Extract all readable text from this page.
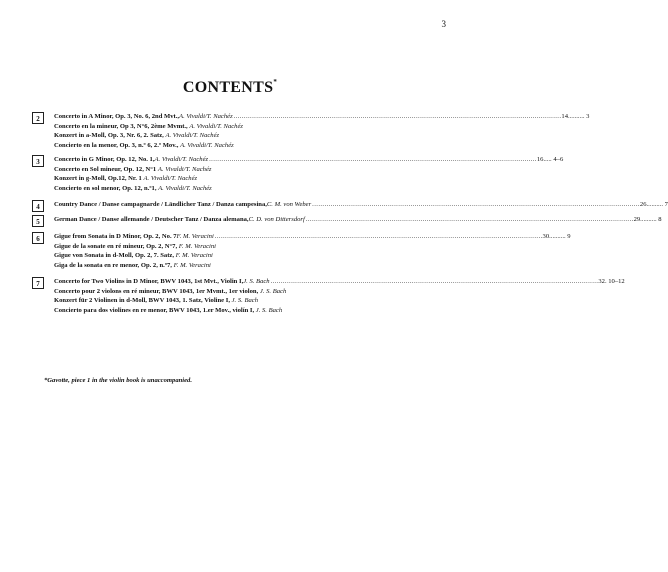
3
CONTENTS*
2	Concerto in A Minor, Op. 3, No. 6, 2nd Mvt., A. Vivaldi/T. Nachéz ................................................................................................................................................................ 14.......... 3
Concerto en la mineur, Op 3, N°6, 2ème Mvmt., A. Vivaldi/T. Nachéz
Konzert in a-Moll, Op. 3, Nr. 6, 2. Satz, A. Vivaldi/T. Nachéz
Concierto en la menor, Op. 3, n.º 6, 2.º Mov., A. Vivaldi/T. Nachéz
3	Concerto in G Minor, Op. 12, No. 1, A. Vivaldi/T. Nachéz ................................................................................................................................................................ 16..... 4–6
Concerto en Sol mineur, Op. 12, N°1 A. Vivaldi/T. Nachéz
Konzert in g-Moll, Op.12, Nr. 1 A. Vivaldi/T. Nachéz
Concierto en sol menor, Op. 12, n.º1, A. Vivaldi/T. Nachéz
4	Country Dance / Danse campagnarde / Ländlicher Tanz / Danza campesina, C. M. von Weber ................................................................................................................................................................ 26.......... 7
5	German Dance / Danse allemande / Deutscher Tanz / Danza alemana, C. D. von Dittersdorf ................................................................................................................................................................ 29.......... 8
6	Gigue from Sonata in D Minor, Op. 2, No. 7 F. M. Veracini ................................................................................................................................................................ 30.......... 9
Gigue de la sonate en ré mineur, Op. 2, N°7, F. M. Veracini
Gigue von Sonata in d-Moll, Op. 2, 7. Satz, F. M. Veracini
Giga de la sonata en re menor, Op. 2, n.º7, F. M. Veracini
7	Concerto for Two Violins in D Minor, BWV 1043, 1st Mvt., Violin I, J. S. Bach ................................................................................................................................................................ 32. 10–12
Concerto pour 2 violons en ré mineur, BWV 1043, 1er Mvmt., 1er violon, J. S. Bach
Konzert für 2 Violinen in d-Moll, BWV 1043, 1. Satz, Violine I, J. S. Bach
Concierto para dos violines en re menor, BWV 1043, 1.er Mov., violín I, J. S. Bach
*Gavotte, piece 1 in the violin book is unaccompanied.
